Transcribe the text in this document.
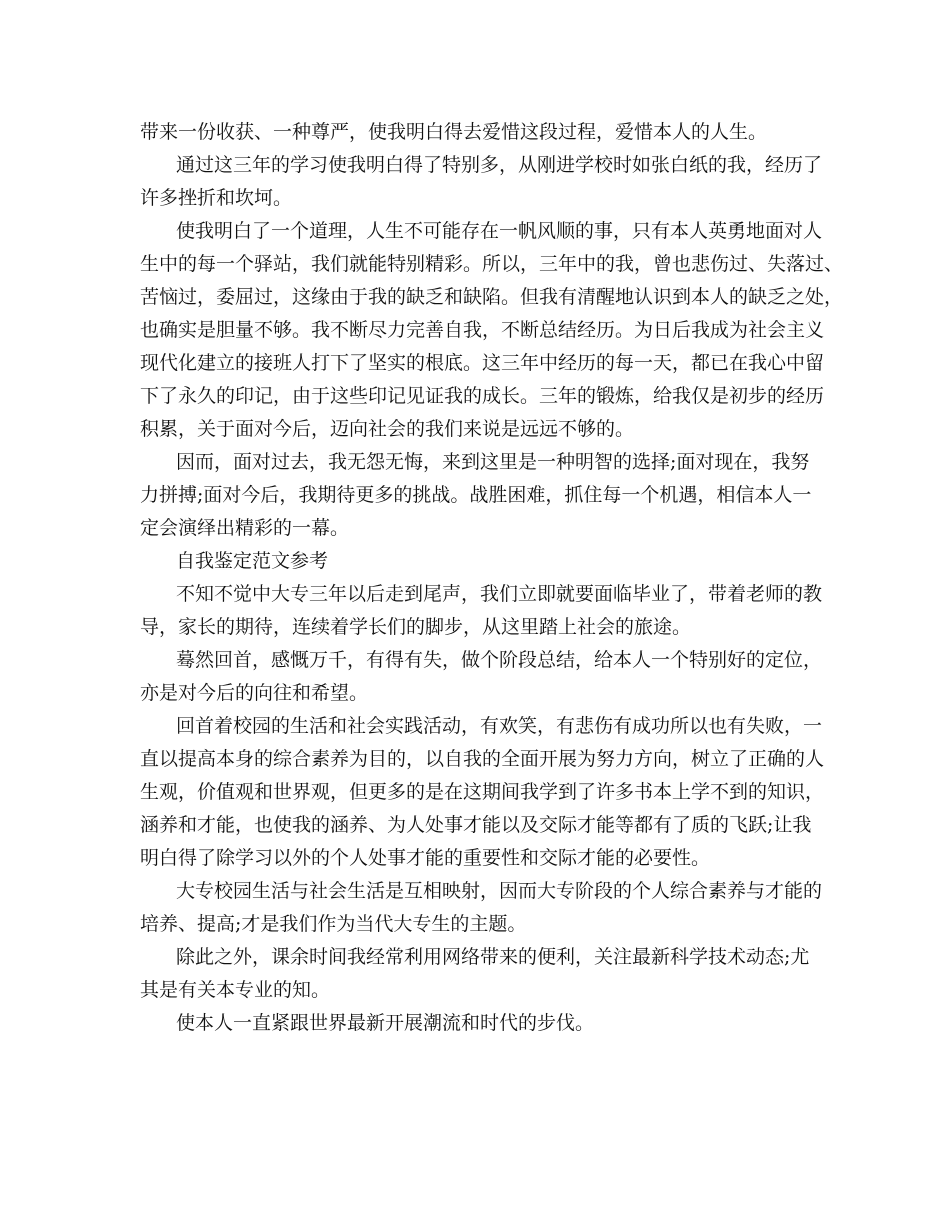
带来一份收获、一种尊严，使我明白得去爱惜这段过程，爱惜本人的人生。
通过这三年的学习使我明白得了特别多，从刚进学校时如张白纸的我，经历了
许多挫折和坎坷。
使我明白了一个道理，人生不可能存在一帆风顺的事，只有本人英勇地面对人
生中的每一个驿站，我们就能特别精彩。所以，三年中的我，曾也悲伤过、失落过、
苦恼过，委屈过，这缘由于我的缺乏和缺陷。但我有清醒地认识到本人的缺乏之处，
也确实是胆量不够。我不断尽力完善自我，不断总结经历。为日后我成为社会主义
现代化建立的接班人打下了坚实的根底。这三年中经历的每一天，都已在我心中留
下了永久的印记，由于这些印记见证我的成长。三年的锻炼，给我仅是初步的经历
积累，关于面对今后，迈向社会的我们来说是远远不够的。
因而，面对过去，我无怨无悔，来到这里是一种明智的选择;面对现在，我努
力拼搏;面对今后，我期待更多的挑战。战胜困难，抓住每一个机遇，相信本人一
定会演绎出精彩的一幕。
自我鉴定范文参考
不知不觉中大专三年以后走到尾声，我们立即就要面临毕业了，带着老师的教
导，家长的期待，连续着学长们的脚步，从这里踏上社会的旅途。
蓦然回首，感慨万千，有得有失，做个阶段总结，给本人一个特别好的定位，
亦是对今后的向往和希望。
回首着校园的生活和社会实践活动，有欢笑，有悲伤有成功所以也有失败，一
直以提高本身的综合素养为目的，以自我的全面开展为努力方向，树立了正确的人
生观，价值观和世界观，但更多的是在这期间我学到了许多书本上学不到的知识，
涵养和才能，也使我的涵养、为人处事才能以及交际才能等都有了质的飞跃;让我
明白得了除学习以外的个人处事才能的重要性和交际才能的必要性。
大专校园生活与社会生活是互相映射，因而大专阶段的个人综合素养与才能的
培养、提高;才是我们作为当代大专生的主题。
除此之外，课余时间我经常利用网络带来的便利，关注最新科学技术动态;尤
其是有关本专业的知。
使本人一直紧跟世界最新开展潮流和时代的步伐。
